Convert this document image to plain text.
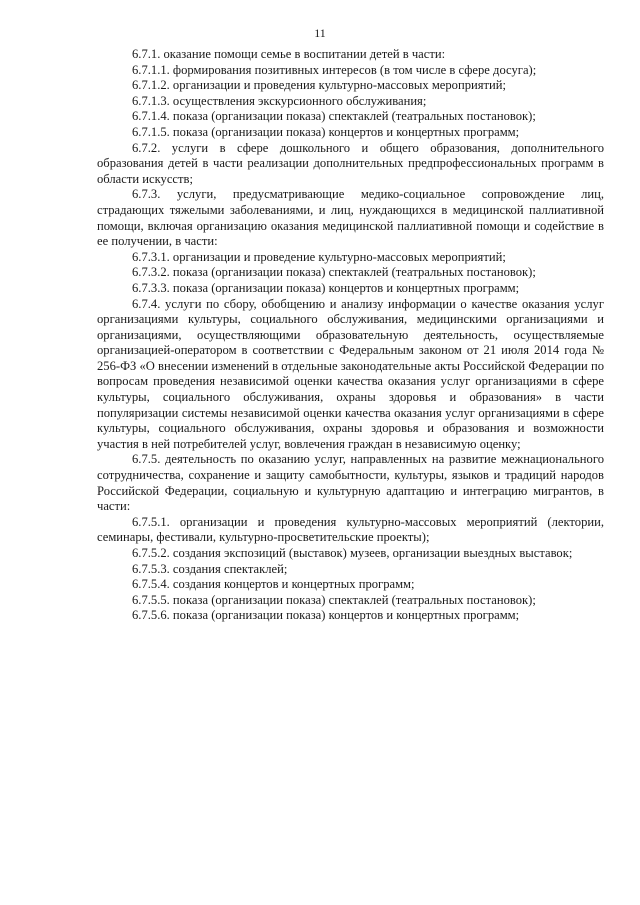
11

6.7.1. оказание помощи семье в воспитании детей в части:

6.7.1.1. формирования позитивных интересов (в том числе в сфере досуга);

6.7.1.2. организации и проведения культурно-массовых мероприятий;

6.7.1.3. осуществления экскурсионного обслуживания;

6.7.1.4. показа (организации показа) спектаклей (театральных постановок);

6.7.1.5. показа (организации показа) концертов и концертных программ;

6.7.2. услуги в сфере дошкольного и общего образования, дополнительного образования детей в части реализации дополнительных предпрофессиональных программ в области искусств;

6.7.3. услуги, предусматривающие медико-социальное сопровождение лиц, страдающих тяжелыми заболеваниями, и лиц, нуждающихся в медицинской паллиативной помощи, включая организацию оказания медицинской паллиативной помощи и содействие в ее получении, в части:

6.7.3.1. организации и проведение культурно-массовых мероприятий;

6.7.3.2. показа (организации показа) спектаклей (театральных постановок);

6.7.3.3. показа (организации показа) концертов и концертных программ;

6.7.4. услуги по сбору, обобщению и анализу информации о качестве оказания услуг организациями культуры, социального обслуживания, медицинскими организациями и организациями, осуществляющими образовательную деятельность, осуществляемые организацией-оператором в соответствии с Федеральным законом от 21 июля 2014 года № 256-ФЗ «О внесении изменений в отдельные законодательные акты Российской Федерации по вопросам проведения независимой оценки качества оказания услуг организациями в сфере культуры, социального обслуживания, охраны здоровья и образования» в части популяризации системы независимой оценки качества оказания услуг организациями в сфере культуры, социального обслуживания, охраны здоровья и образования и возможности участия в ней потребителей услуг, вовлечения граждан в независимую оценку;

6.7.5. деятельность по оказанию услуг, направленных на развитие межнационального сотрудничества, сохранение и защиту самобытности, культуры, языков и традиций народов Российской Федерации, социальную и культурную адаптацию и интеграцию мигрантов, в части:

6.7.5.1. организации и проведения культурно-массовых мероприятий (лектории, семинары, фестивали, культурно-просветительские проекты);

6.7.5.2. создания экспозиций (выставок) музеев, организации выездных выставок;

6.7.5.3. создания спектаклей;

6.7.5.4. создания концертов и концертных программ;

6.7.5.5. показа (организации показа) спектаклей (театральных постановок);

6.7.5.6. показа (организации показа) концертов и концертных программ;
